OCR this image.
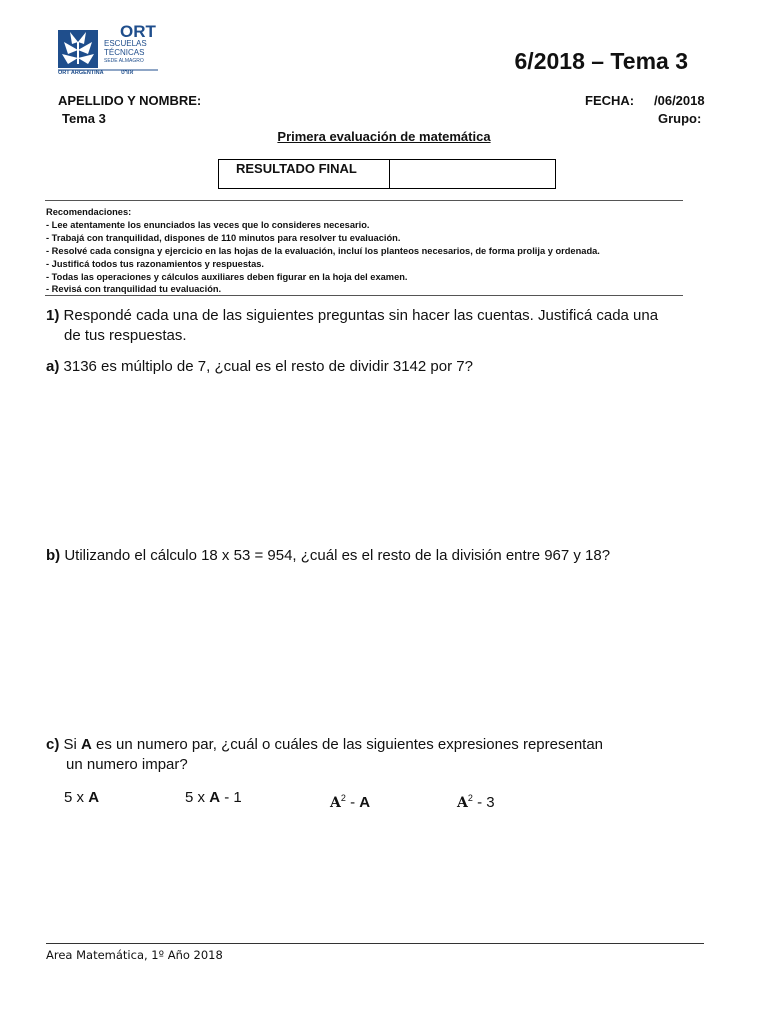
ORT
ESCUELAS
TÉCNICAS
SEDE ALMAGRO
ORT ARGENTINA	אורט	6/2018 – Tema 3
APELLIDO Y NOMBRE:	FECHA: /06/2018
Tema 3	Grupo:
Primera evaluación de matemática
RESULTADO FINAL
Recomendaciones:
- Lee atentamente los enunciados las veces que lo consideres necesario.
- Trabajá con tranquilidad, dispones de 110 minutos para resolver tu evaluación.
- Resolvé cada consigna y ejercicio en las hojas de la evaluación, incluí los planteos necesarios, de forma prolija y ordenada.
- Justificá todos tus razonamientos y respuestas.
- Todas las operaciones y cálculos auxiliares deben figurar en la hoja del examen.
- Revisá con tranquilidad tu evaluación.
1) Respondé cada una de las siguientes preguntas sin hacer las cuentas. Justificá cada una
de tus respuestas.
a) 3136 es múltiplo de 7, ¿cual es el resto de dividir 3142 por 7?
b) Utilizando el cálculo 18 x 53 = 954, ¿cuál es el resto de la división entre 967 y 18?
c) Si A es un numero par, ¿cuál o cuáles de las siguientes expresiones representan
un numero impar?
5 x A	5 x A - 1	$A^2$ - A	$A^2 - 3$
Area Matemática, 1º Año 2018
